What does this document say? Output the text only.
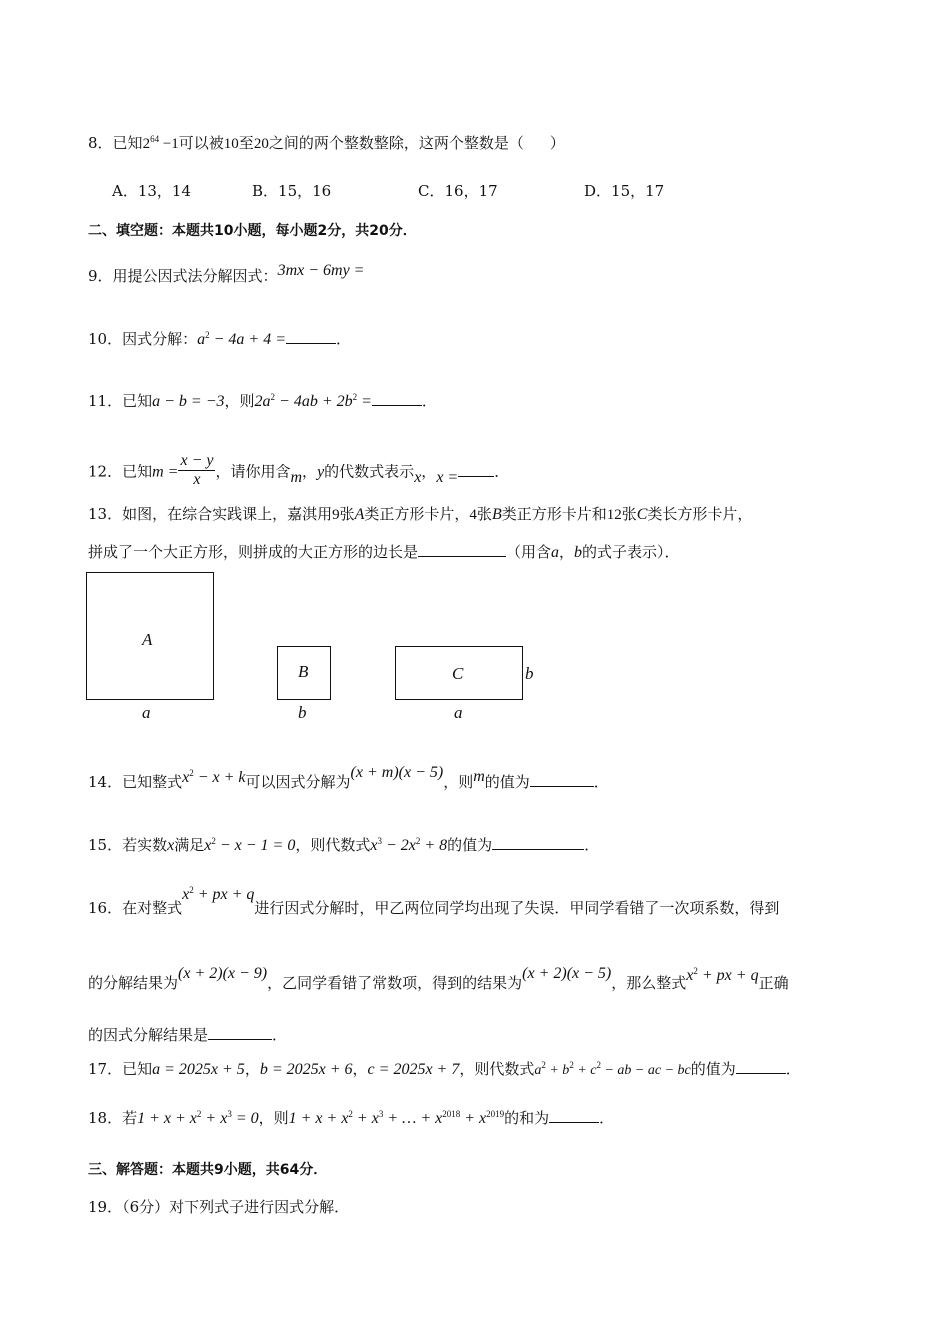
8．已知$2^{64} -1$可以被10至20之间的两个整数整除，这两个整数是（ ）
A．13，14	B．15，16	C．16，17	D．15，17
二、填空题：本题共10小题，每小题2分，共20分．
9．用提公因式法分解因式：3mx − 6my =
10．因式分解：$a^2 - 4a + 4$ =	．
11．已知a − b = −3，则$2a^2 - 4ab + 2b^2$ =	．
12．已知$m = \frac{x - y}{x}$ ，请你用含m，y的代数式表示x，x = ．
13．如图，在综合实践课上，嘉淇用9张A类正方形卡片，4张B类正方形卡片和12张C类长方形卡片，
拼成了一个大正方形，则拼成的大正方形的边长是	（用含a，b的式子表示）．
A
a
B
b
C
a
b
14．已知整式$x^2 - x + k$可以因式分解为(x + m)(x − 5)，则m的值为	．
15．若实数x满足$x^2 - x - 1 = 0$，则代数式$x^3 - 2x^2 + 8$的值为	．
16．在对整式$x^2$ + px + q进行因式分解时，甲乙两位同学均出现了失误．甲同学看错了一次项系数，得到
的分解结果为(x + 2)(x − 9)，乙同学看错了常数项，得到的结果为(x + 2)(x − 5)，那么整式$x^2$ + px + q正确
的因式分解结果是	．
17．已知a = 2025x + 5，b = 2025x + 6，c = 2025x + 7，则代数式$a^2 + b^2 + c^2$ − ab − ac − bc的值为	．
18．若$1 + x + x^2 + x^3 = 0$，则$1 + x + x^2 + x^3$ + … + $x^{2018} + x^{2019}$的和为	．
三、解答题：本题共9小题，共64分．
19．（6分）对下列式子进行因式分解．
